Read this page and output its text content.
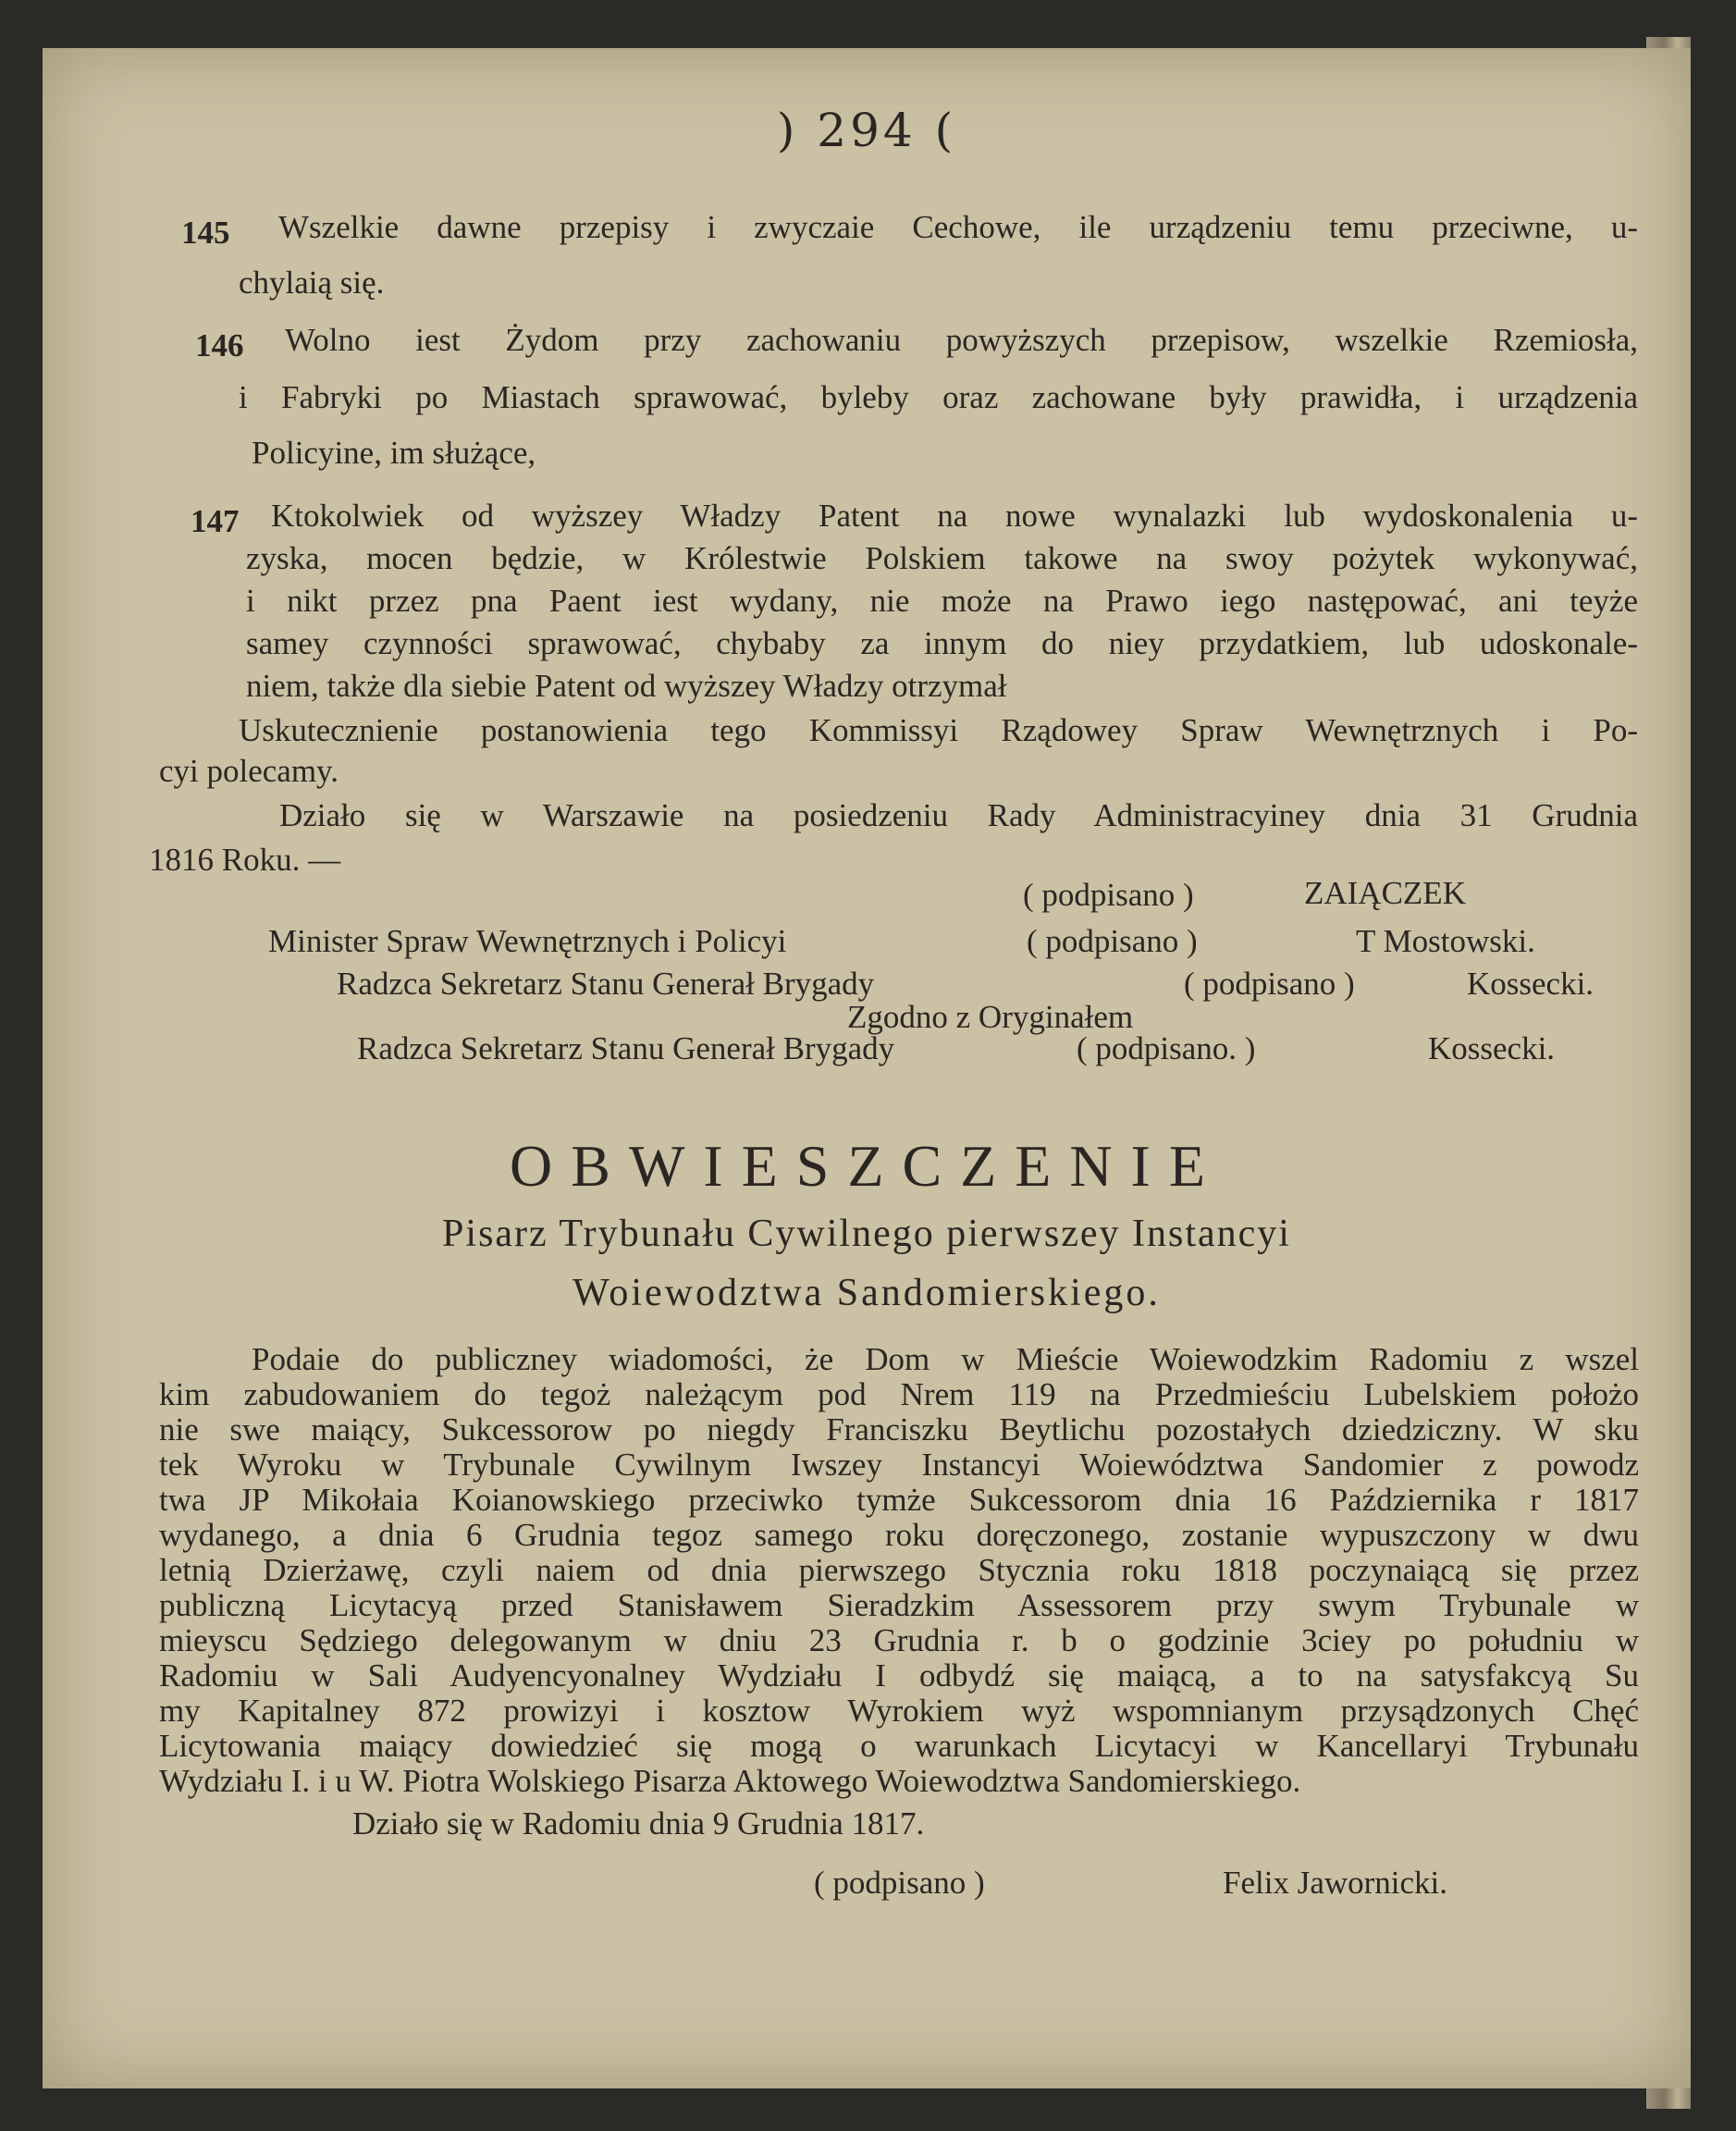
) 294 (
145 Wszelkie dawne przepisy i zwyczaie Cechowe, ile urządzeniu temu przeciwne, u-
chylaią się.
146 Wolno iest Żydom przy zachowaniu powyższych przepisow, wszelkie Rzemiosła,
i Fabryki po Miastach sprawować, byleby oraz zachowane były prawidła, i urządzenia
Policyine, im służące,
147 Ktokolwiek od wyższey Władzy Patent na nowe wynalazki lub wydoskonalenia u-
zyska, mocen będzie, w Królestwie Polskiem takowe na swoy pożytek wykonywać,
i nikt przez pna Paent iest wydany, nie może na Prawo iego następować, ani teyże
samey czynności sprawować, chybaby za innym do niey przydatkiem, lub udoskonale-
niem, także dla siebie Patent od wyższey Władzy otrzymał
Uskutecznienie postanowienia tego Kommissyi Rządowey Spraw Wewnętrznych i Po-
cyi polecamy.
Działo się w Warszawie na posiedzeniu Rady Administracyiney dnia 31 Grudnia
1816 Roku. —
( podpisano )	ZAIĄCZEK
Minister Spraw Wewnętrznych i Policyi	( podpisano )	T Mostowski.
Radzca Sekretarz Stanu Generał Brygady	( podpisano )	Kossecki.
Zgodno z Oryginałem
Radzca Sekretarz Stanu Generał Brygady	( podpisano. )	Kossecki.
OBWIESZCZENIE
Pisarz Trybunału Cywilnego pierwszey Instancyi
Woiewodztwa Sandomierskiego.
Podaie do publiczney wiadomości, że Dom w Mieście Woiewodzkim Radomiu z wszel
kim zabudowaniem do tegoż należącym pod Nrem 119 na Przedmieściu Lubelskiem położo
nie swe maiący, Sukcessorow po niegdy Franciszku Beytlichu pozostałych dziedziczny. W sku
tek Wyroku w Trybunale Cywilnym Iwszey Instancyi Woiewództwa Sandomier z powodz
twa JP Mikołaia Koianowskiego przeciwko tymże Sukcessorom dnia 16 Października r 1817
wydanego, a dnia 6 Grudnia tegoz samego roku doręczonego, zostanie wypuszczony w dwu
letnią Dzierżawę, czyli naiem od dnia pierwszego Stycznia roku 1818 poczynaiącą się przez
publiczną Licytacyą przed Stanisławem Sieradzkim Assessorem przy swym Trybunale w
mieyscu Sędziego delegowanym w dniu 23 Grudnia r. b o godzinie 3ciey po południu w
Radomiu w Sali Audyencyonalney Wydziału I odbydź się maiącą, a to na satysfakcyą Su
my Kapitalney 872 prowizyi i kosztow Wyrokiem wyż wspomnianym przysądzonych Chęć
Licytowania maiący dowiedzieć się mogą o warunkach Licytacyi w Kancellaryi Trybunału
Wydziału I. i u W. Piotra Wolskiego Pisarza Aktowego Woiewodztwa Sandomierskiego.
Działo się w Radomiu dnia 9 Grudnia 1817.
( podpisano )	Felix Jawornicki.
